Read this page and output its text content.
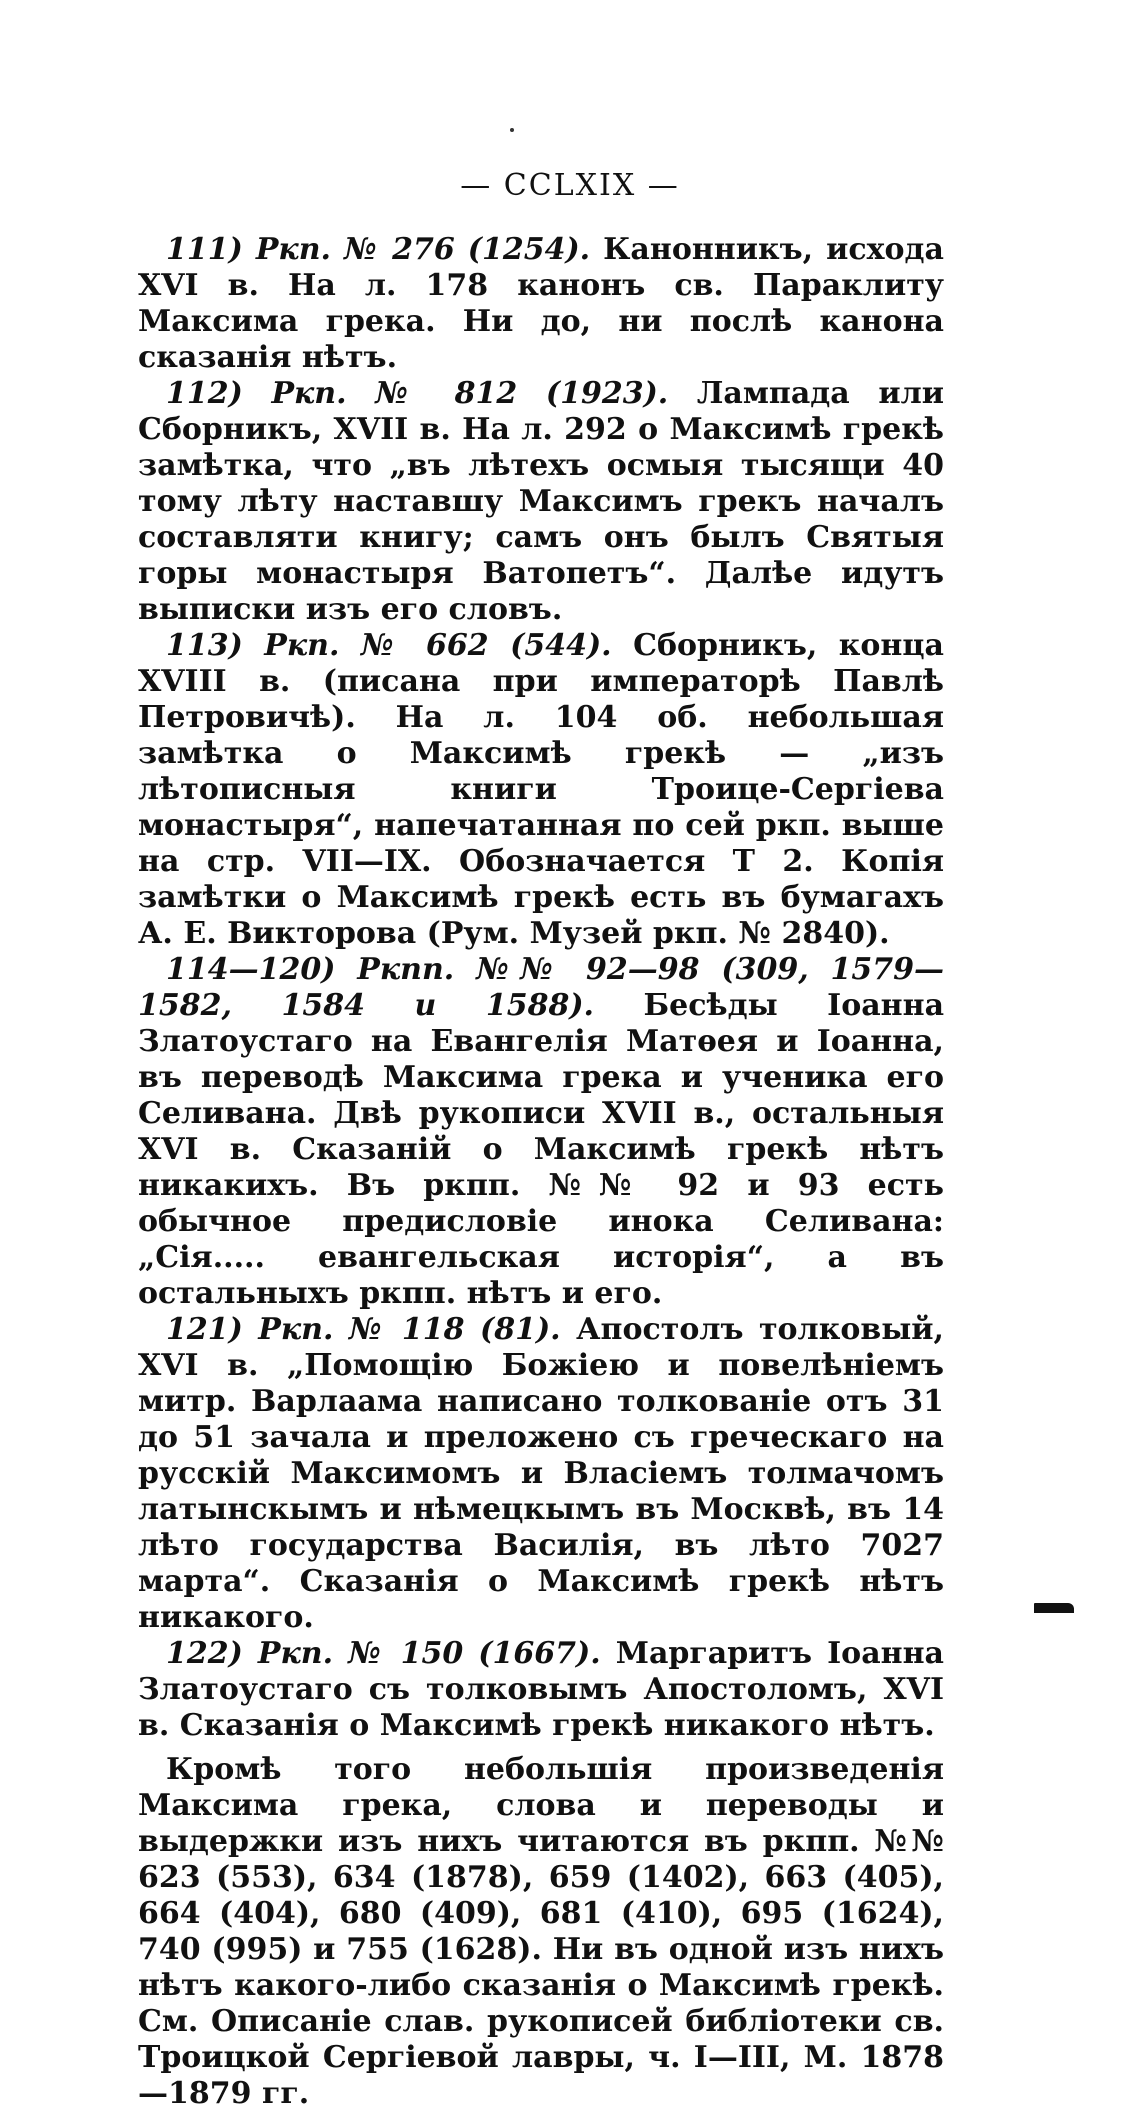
— CCLXIX —

111) Ркп. № 276 (1254). Канонникъ, исхода XVI в. На л. 178 канонъ св. Параклиту Максима грека. Ни до, ни послѣ канона сказанія нѣтъ.

112) Ркп. № 812 (1923). Лампада или Сборникъ, XVII в. На л. 292 о Максимѣ грекѣ замѣтка, что „въ лѣтехъ осмыя тысящи 40 тому лѣту наставшу Максимъ грекъ началъ составляти книгу; самъ онъ былъ Святыя горы монастыря Ватопетъ“. Далѣе идутъ выписки изъ его словъ.

113) Ркп. № 662 (544). Сборникъ, конца XVIII в. (писана при императорѣ Павлѣ Петровичѣ). На л. 104 об. небольшая замѣтка о Максимѣ грекѣ — „изъ лѣтописныя книги Троице-Сергіева монастыря“, напечатанная по сей ркп. выше на стр. VII—IX. Обозначается Т 2. Копія замѣтки о Максимѣ грекѣ есть въ бумагахъ А. Е. Викторова (Рум. Музей ркп. № 2840).

114—120) Ркпп. №№ 92—98 (309, 1579—1582, 1584 и 1588). Бесѣды Іоанна Златоустаго на Евангелія Матѳея и Іоанна, въ переводѣ Максима грека и ученика его Селивана. Двѣ рукописи XVII в., остальныя XVI в. Сказаній о Максимѣ грекѣ нѣтъ никакихъ. Въ ркпп. №№ 92 и 93 есть обычное предисловіе инока Селивана: „Сія..... евангельская исторія“, а въ остальныхъ ркпп. нѣтъ и его.

121) Ркп. № 118 (81). Апостолъ толковый, XVI в. „Помощію Божіею и повелѣніемъ митр. Варлаама написано толкованіе отъ 31 до 51 зачала и преложено съ греческаго на русскій Максимомъ и Власіемъ толмачомъ латынскымъ и нѣмецкымъ въ Москвѣ, въ 14 лѣто государства Василія, въ лѣто 7027 марта“. Сказанія о Максимѣ грекѣ нѣтъ никакого.

122) Ркп. № 150 (1667). Маргаритъ Іоанна Златоустаго съ толковымъ Апостоломъ, XVI в. Сказанія о Максимѣ грекѣ никакого нѣтъ.

Кромѣ того небольшія произведенія Максима грека, слова и переводы и выдержки изъ нихъ читаются въ ркпп. №№ 623 (553), 634 (1878), 659 (1402), 663 (405), 664 (404), 680 (409), 681 (410), 695 (1624), 740 (995) и 755 (1628). Ни въ одной изъ нихъ нѣтъ какого-либо сказанія о Максимѣ грекѣ. См. Описаніе слав. рукописей библіотеки св. Троицкой Сергіевой лавры, ч. I—III, М. 1878—1879 гг.
